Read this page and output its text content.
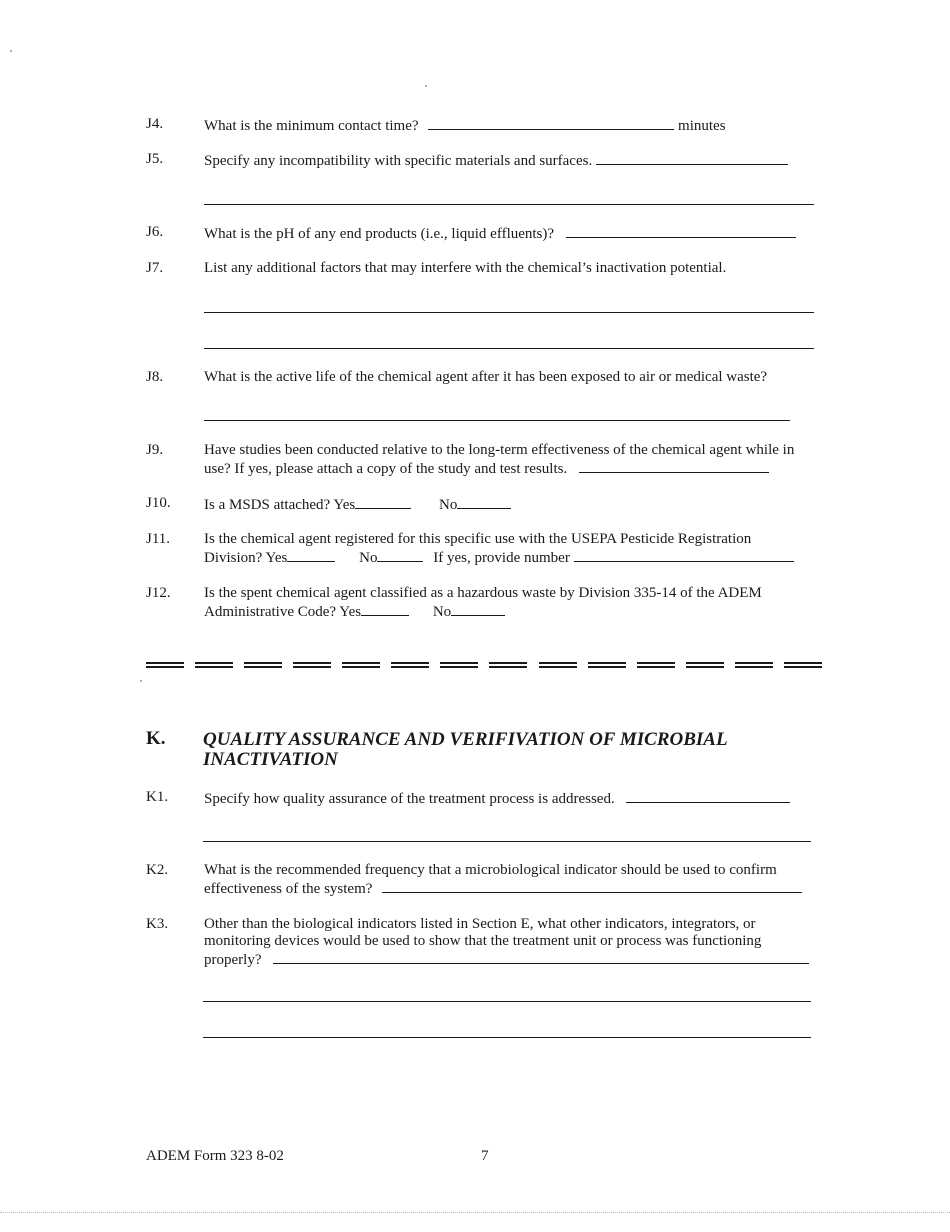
J4.	What is the minimum contact time?	minutes
J5.	Specify any incompatibility with specific materials and surfaces.
J6.	What is the pH of any end products (i.e., liquid effluents)?
J7.	List any additional factors that may interfere with the chemical’s inactivation potential.
J8.	What is the active life of the chemical agent after it has been exposed to air or medical waste?
J9.	Have studies been conducted relative to the long-term effectiveness of the chemical agent while in
use? If yes, please attach a copy of the study and test results.
J10. Is a MSDS attached? Yes	No
J11. Is the chemical agent registered for this specific use with the USEPA Pesticide Registration
Division? Yes	No	If yes, provide number
J12. Is the spent chemical agent classified as a hazardous waste by Division 335-14 of the ADEM
Administrative Code? Yes	No
K. QUALITY ASSURANCE AND VERIFIVATION OF MICROBIAL
INACTIVATION
K1. Specify how quality assurance of the treatment process is addressed.
K2. What is the recommended frequency that a microbiological indicator should be used to confirm
effectiveness of the system?
K3. Other than the biological indicators listed in Section E, what other indicators, integrators, or
monitoring devices would be used to show that the treatment unit or process was functioning
properly?
ADEM Form 323 8-02	7
